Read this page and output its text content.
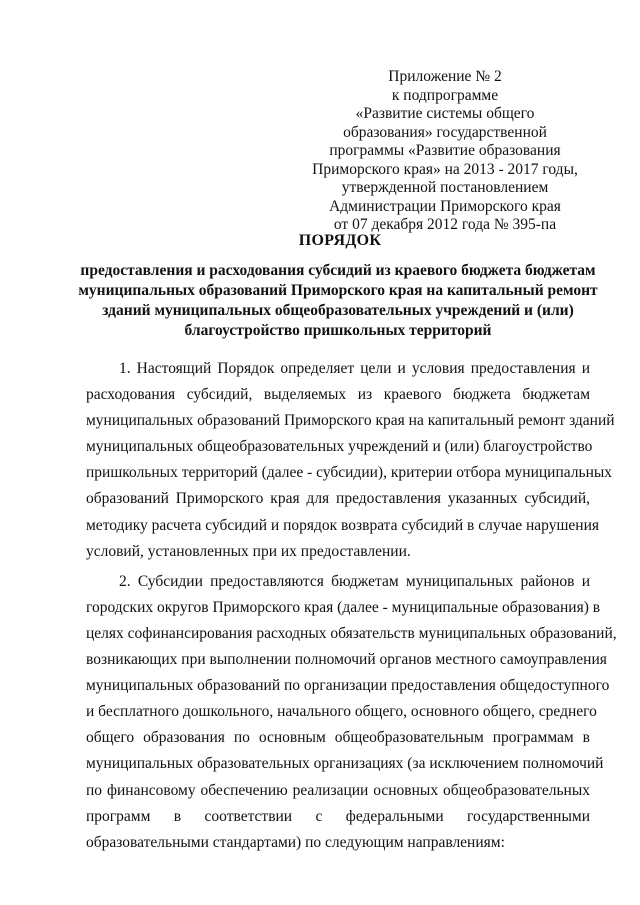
Приложение № 2
к подпрограмме
«Развитие системы общего
образования» государственной
программы «Развитие образования
Приморского края» на 2013 - 2017 годы,
утвержденной постановлением
Администрации Приморского края
от 07 декабря 2012 года № 395-па
ПОРЯДОК
предоставления и расходования субсидий из краевого бюджета бюджетам
муниципальных образований Приморского края на капитальный ремонт
зданий муниципальных общеобразовательных учреждений и (или)
благоустройство пришкольных территорий
1. Настоящий Порядок определяет цели и условия предоставления и
расходования субсидий, выделяемых из краевого бюджета бюджетам
муниципальных образований Приморского края на капитальный ремонт зданий
муниципальных общеобразовательных учреждений и (или) благоустройство
пришкольных территорий (далее - субсидии), критерии отбора муниципальных
образований Приморского края для предоставления указанных субсидий,
методику расчета субсидий и порядок возврата субсидий в случае нарушения
условий, установленных при их предоставлении.
2. Субсидии предоставляются бюджетам муниципальных районов и
городских округов Приморского края (далее - муниципальные образования) в
целях софинансирования расходных обязательств муниципальных образований,
возникающих при выполнении полномочий органов местного самоуправления
муниципальных образований по организации предоставления общедоступного
и бесплатного дошкольного, начального общего, основного общего, среднего
общего образования по основным общеобразовательным программам в
муниципальных образовательных организациях (за исключением полномочий
по финансовому обеспечению реализации основных общеобразовательных
программ в соответствии с федеральными государственными
образовательными стандартами) по следующим направлениям:
